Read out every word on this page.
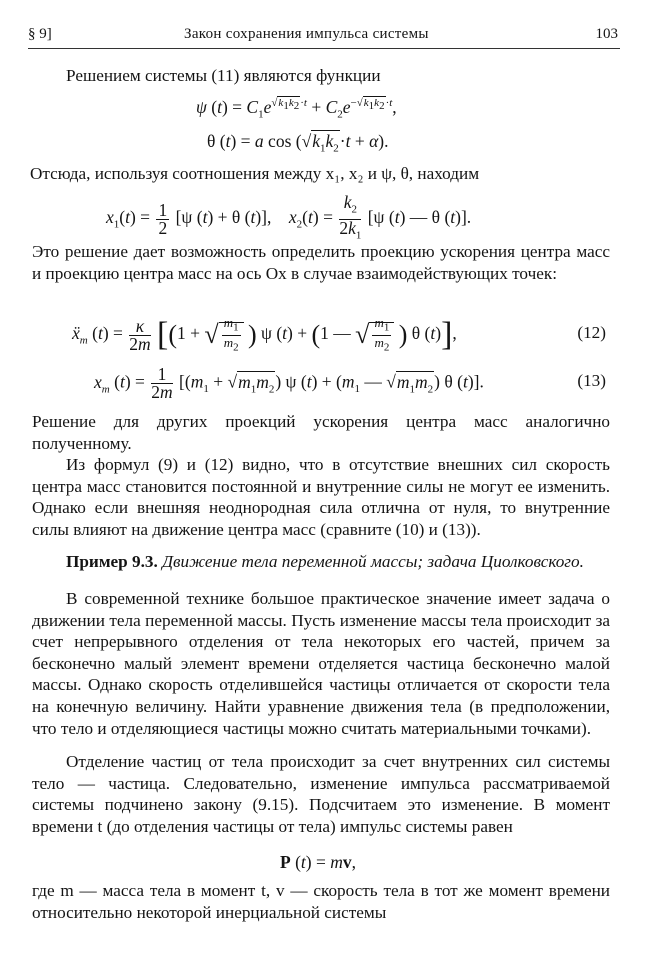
§ 9]	Закон сохранения импульса системы	103
Решением системы (11) являются функции
ψ $(t) = C_1e^{√k_1k_2\cdot t} + C_2e^{-√k_1k_2\cdot t}$,
θ (t) = a $\cos (√k_1k_2\cdot t + \alpha)$.
Отсюда, используя соотношения между x₁, x₂ и ψ, θ, находим
$x_1(t) = \frac{1}{2} [\psi$ (t) + θ (t)],    $x_2(t) = \frac{k_2}{2k_1} [\psi$ (t) — θ (t)].
Это решение дает возможность определить проекцию ускорения центра масс и проекцию центра масс на ось Ox в случае взаимодействующих точек:
ẍ$_m$ $(t) = \frac{\kappa}{2m} [(1$ + √ $\frac{m_1}{m_2}$ ) ψ (t) + (1 — √ $\frac{m_1}{m_2}$ ) θ (t)],	(12)
$x_m$ $(t) = \frac{1}{2m} [(m_1 + √m_1m_2)$ ψ $(t) + (m_1$ — $√m_1m_2$) θ (t)].	(13)
Решение для других проекций ускорения центра масс аналогично полученному.
Из формул (9) и (12) видно, что в отсутствие внешних сил скорость центра масс становится постоянной и внутренние силы не могут ее изменить. Однако если внешняя неоднородная сила отлична от нуля, то внутренние силы влияют на движение центра масс (сравните (10) и (13)).
Пример 9.3. Движение тела переменной массы; задача Циолковского.
В современной технике большое практическое значение имеет задача о движении тела переменной массы. Пусть изменение массы тела происходит за счет непрерывного отделения от тела некоторых его частей, причем за бесконечно малый элемент времени отделяется частица бесконечно малой массы. Однако скорость отделившейся частицы отличается от скорости тела на конечную величину. Найти уравнение движения тела (в предположении, что тело и отделяющиеся частицы можно считать материальными точками).
Отделение частиц от тела происходит за счет внутренних сил системы тело — частица. Следовательно, изменение импульса рассматриваемой системы подчинено закону (9.15). Подсчитаем это изменение. В момент времени t (до отделения частицы от тела) импульс системы равен
P (t) = mv,
где m — масса тела в момент t, v — скорость тела в тот же момент времени относительно некоторой инерциальной системы
